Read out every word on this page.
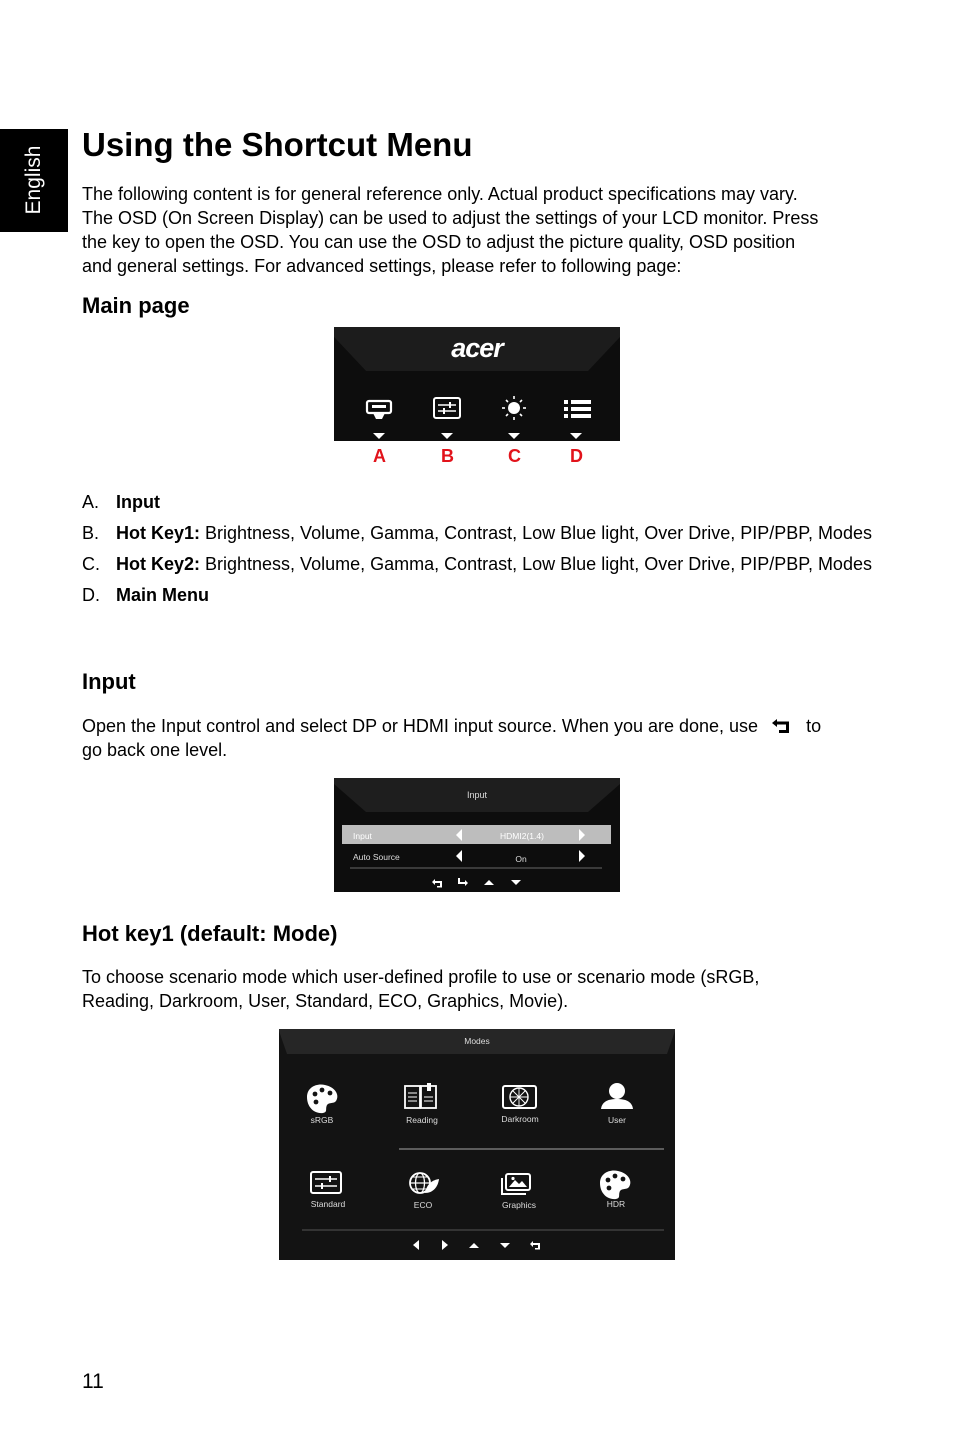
English
Using the Shortcut Menu

The following content is for general reference only. Actual product specifications may vary.
The OSD (On Screen Display) can be used to adjust the settings of your LCD monitor. Press
the key to open the OSD. You can use the OSD to adjust the picture quality, OSD position
and general settings. For advanced settings, please refer to following page:

Main page
acer
A	B	C	D
A. Input
B. Hot Key1: Brightness, Volume, Gamma, Contrast, Low Blue light, Over Drive, PIP/PBP, Modes
C. Hot Key2: Brightness, Volume, Gamma, Contrast, Low Blue light, Over Drive, PIP/PBP, Modes
D. Main Menu
Input

Open the Input control and select DP or HDMI input source. When you are done, use	to
go back one level.

Input
Input	HDMI2(1.4)
Auto Source	On
Hot key1 (default: Mode)

To choose scenario mode which user-defined profile to use or scenario mode (sRGB,
Reading, Darkroom, User, Standard, ECO, Graphics, Movie).

Modes
sRGB	Reading	Darkroom	User
Standard	ECO	Graphics	HDR
11
